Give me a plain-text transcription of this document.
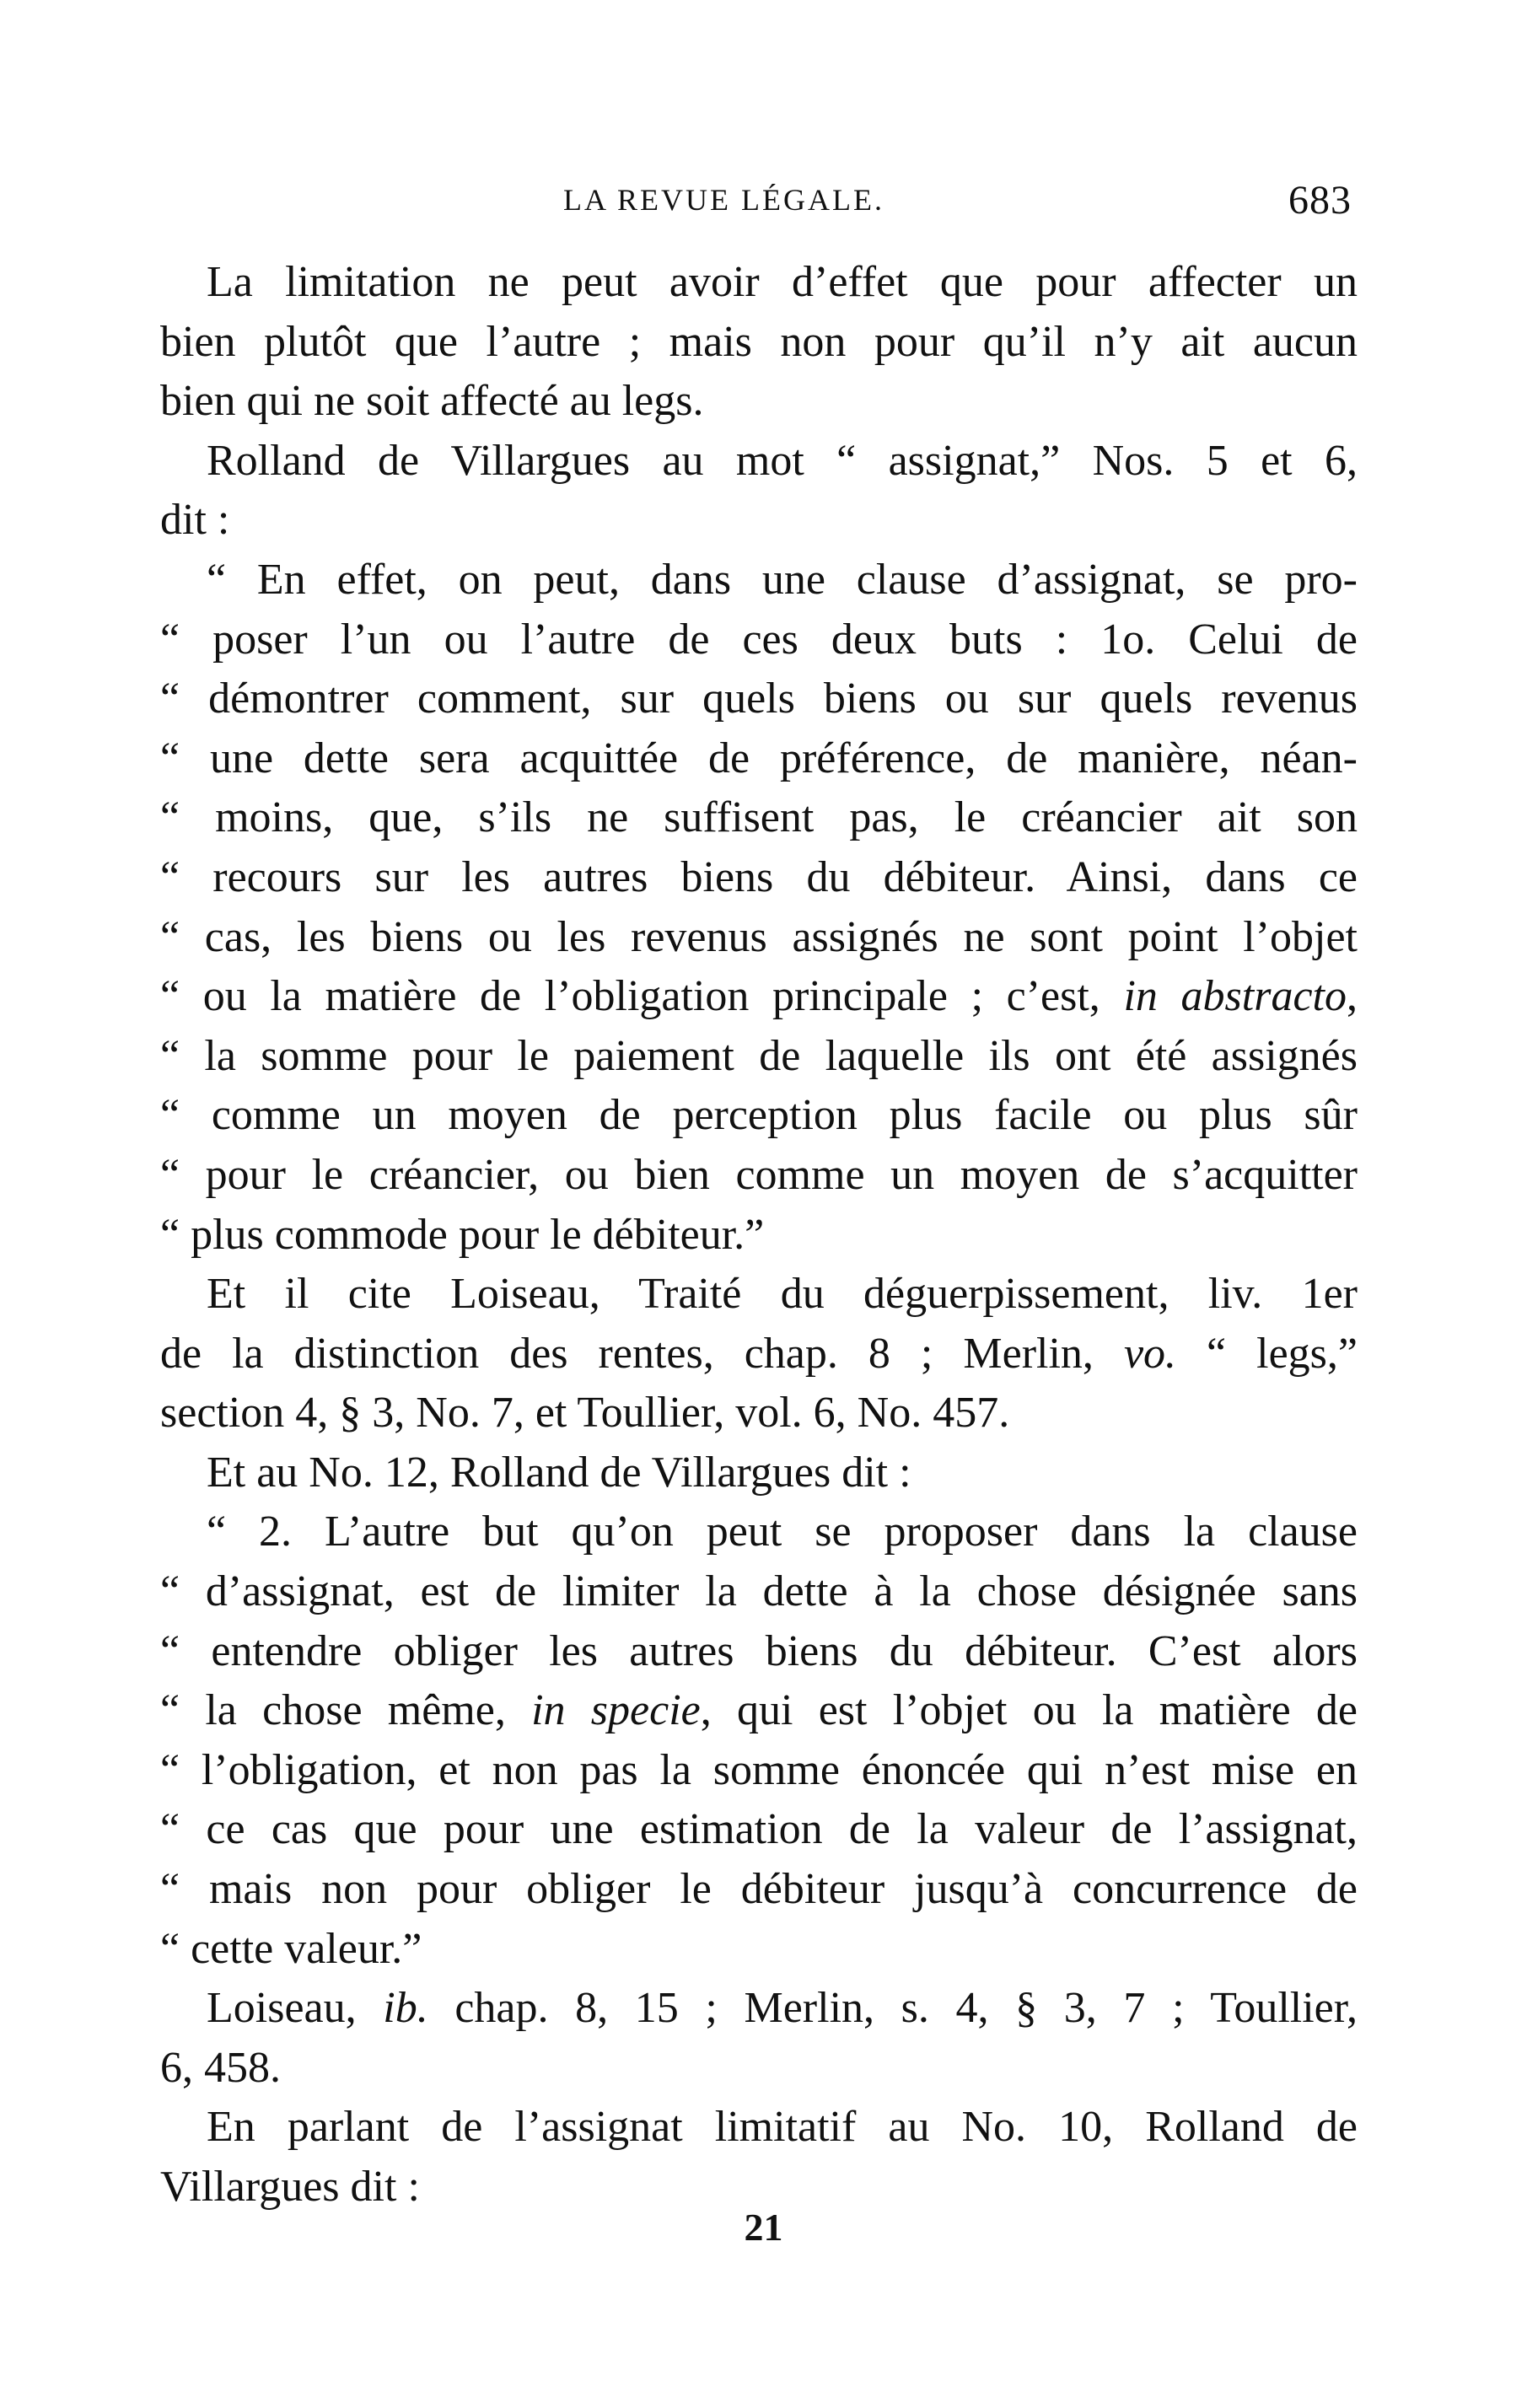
LA REVUE LÉGALE.	683
La limitation ne peut avoir d’effet que pour affecter un
bien plutôt que l’autre ; mais non pour qu’il n’y ait aucun
bien qui ne soit affecté au legs.
Rolland de Villargues au mot “ assignat,” Nos. 5 et 6,
dit :
“ En effet, on peut, dans une clause d’assignat, se pro-
“ poser l’un ou l’autre de ces deux buts : 1o. Celui de
“ démontrer comment, sur quels biens ou sur quels revenus
“ une dette sera acquittée de préférence, de manière, néan-
“ moins, que, s’ils ne suffisent pas, le créancier ait son
“ recours sur les autres biens du débiteur. Ainsi, dans ce
“ cas, les biens ou les revenus assignés ne sont point l’objet
“ ou la matière de l’obligation principale ; c’est, in abstracto,
“ la somme pour le paiement de laquelle ils ont été assignés
“ comme un moyen de perception plus facile ou plus sûr
“ pour le créancier, ou bien comme un moyen de s’acquitter
“ plus commode pour le débiteur.”
Et il cite Loiseau, Traité du déguerpissement, liv. 1er
de la distinction des rentes, chap. 8 ; Merlin, vo. “ legs,”
section 4, § 3, No. 7, et Toullier, vol. 6, No. 457.
Et au No. 12, Rolland de Villargues dit :
“ 2. L’autre but qu’on peut se proposer dans la clause
“ d’assignat, est de limiter la dette à la chose désignée sans
“ entendre obliger les autres biens du débiteur. C’est alors
“ la chose même, in specie, qui est l’objet ou la matière de
“ l’obligation, et non pas la somme énoncée qui n’est mise en
“ ce cas que pour une estimation de la valeur de l’assignat,
“ mais non pour obliger le débiteur jusqu’à concurrence de
“ cette valeur.”
Loiseau, ib. chap. 8, 15 ; Merlin, s. 4, § 3, 7 ; Toullier,
6, 458.
En parlant de l’assignat limitatif au No. 10, Rolland de
Villargues dit :
21
